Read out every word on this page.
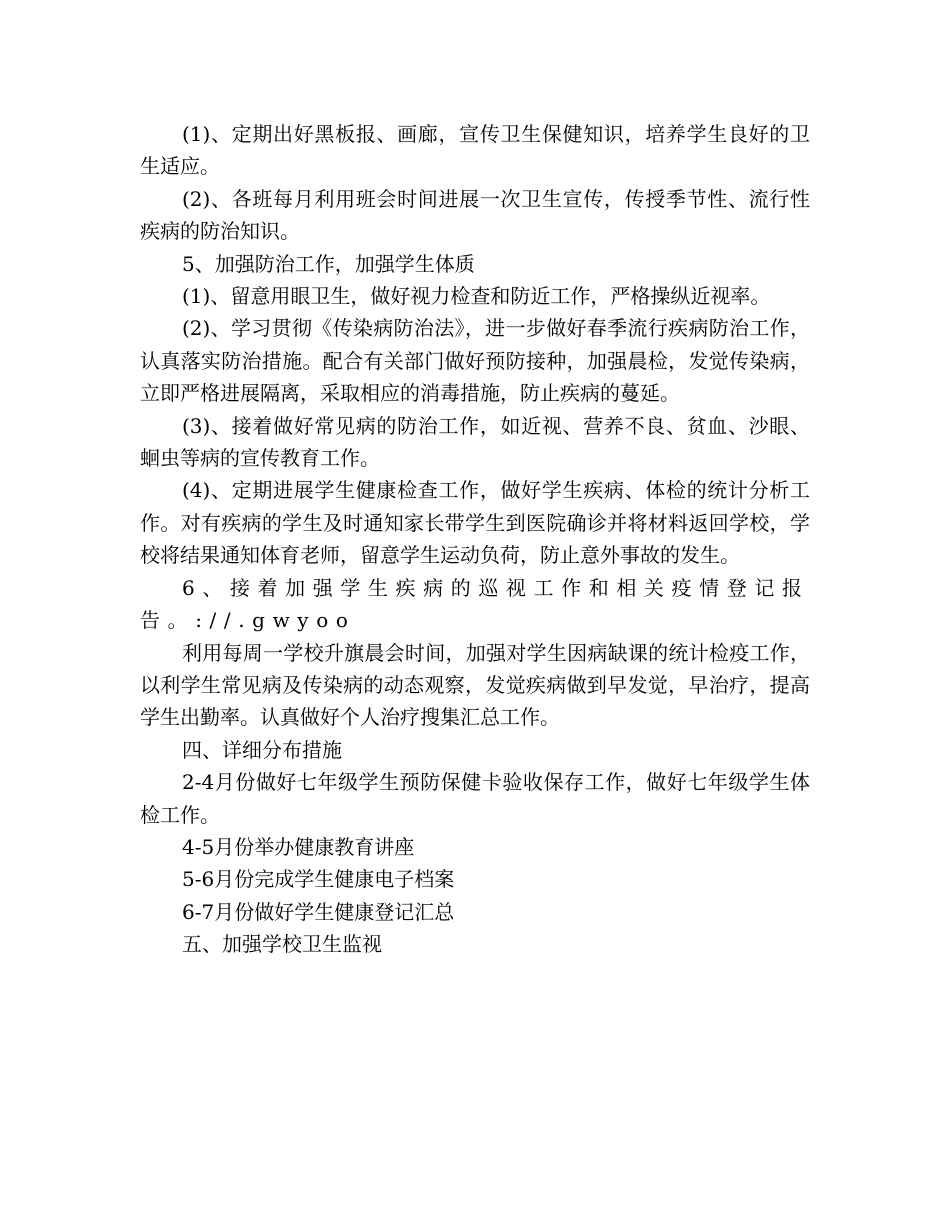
(1)、定期出好黑板报、画廊，宣传卫生保健知识，培养学生良好的卫生适应。

(2)、各班每月利用班会时间进展一次卫生宣传，传授季节性、流行性疾病的防治知识。

5、加强防治工作，加强学生体质

(1)、留意用眼卫生，做好视力检查和防近工作，严格操纵近视率。

(2)、学习贯彻《传染病防治法》，进一步做好春季流行疾病防治工作，认真落实防治措施。配合有关部门做好预防接种，加强晨检，发觉传染病，立即严格进展隔离，采取相应的消毒措施，防止疾病的蔓延。

(3)、接着做好常见病的防治工作，如近视、营养不良、贫血、沙眼、蛔虫等病的宣传教育工作。

(4)、定期进展学生健康检查工作，做好学生疾病、体检的统计分析工作。对有疾病的学生及时通知家长带学生到医院确诊并将材料返回学校，学校将结果通知体育老师，留意学生运动负荷，防止意外事故的发生。

6、接着加强学生疾病的巡视工作和相关疫情登记报告。://.gwyoo

利用每周一学校升旗晨会时间，加强对学生因病缺课的统计检疫工作，以利学生常见病及传染病的动态观察，发觉疾病做到早发觉，早治疗，提高学生出勤率。认真做好个人治疗搜集汇总工作。

四、详细分布措施

2-4月份做好七年级学生预防保健卡验收保存工作，做好七年级学生体检工作。

4-5月份举办健康教育讲座

5-6月份完成学生健康电子档案

6-7月份做好学生健康登记汇总

五、加强学校卫生监视
